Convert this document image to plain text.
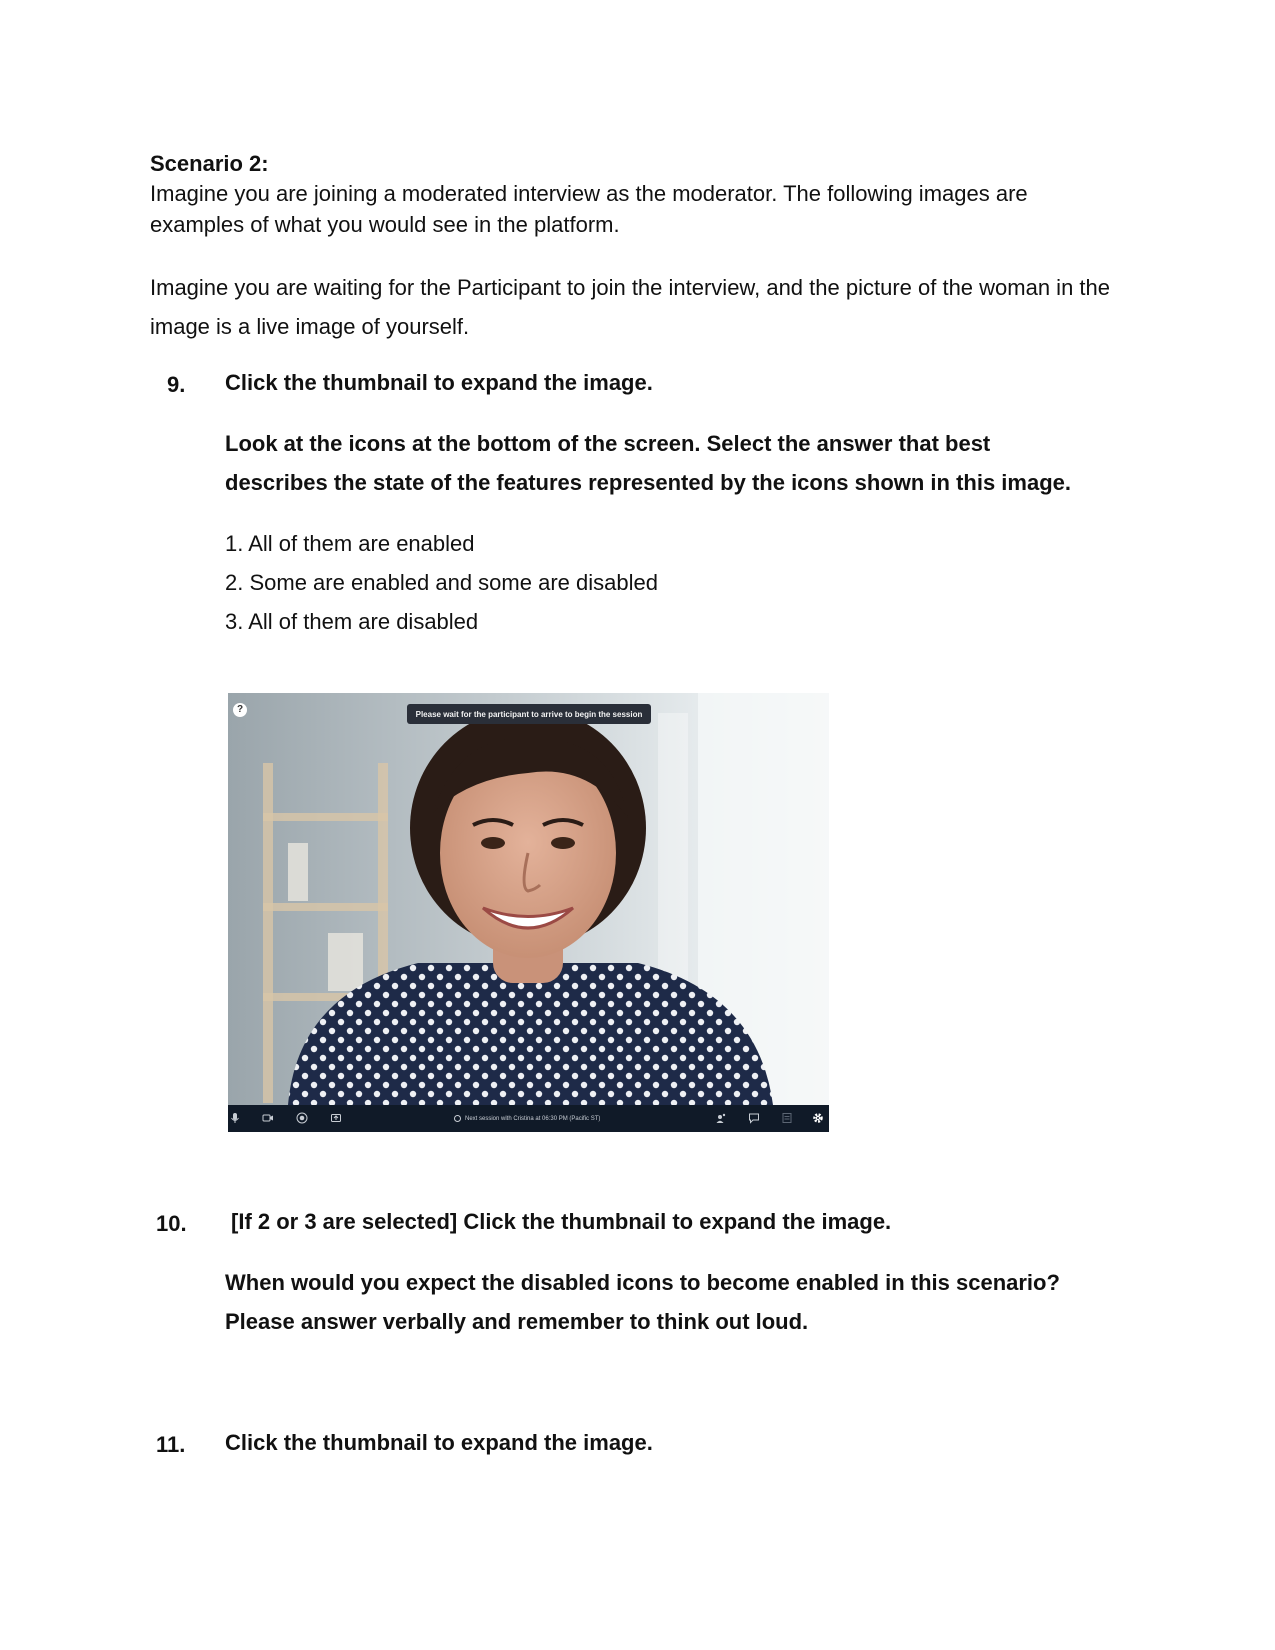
Scenario 2:
Imagine you are joining a moderated interview as the moderator. The following images are examples of what you would see in the platform.
Imagine you are waiting for the Participant to join the interview, and the picture of the woman in the image is a live image of yourself.
9. Click the thumbnail to expand the image.
Look at the icons at the bottom of the screen. Select the answer that best
describes the state of the features represented by the icons shown in this image.
1. All of them are enabled
2. Some are enabled and some are disabled
3. All of them are disabled
?	Please wait for the participant to arrive to begin the session
Next session with Cristina at 06:30 PM (Pacific ST)
10. [If 2 or 3 are selected] Click the thumbnail to expand the image.
When would you expect the disabled icons to become enabled in this scenario?
Please answer verbally and remember to think out loud.
11. Click the thumbnail to expand the image.
